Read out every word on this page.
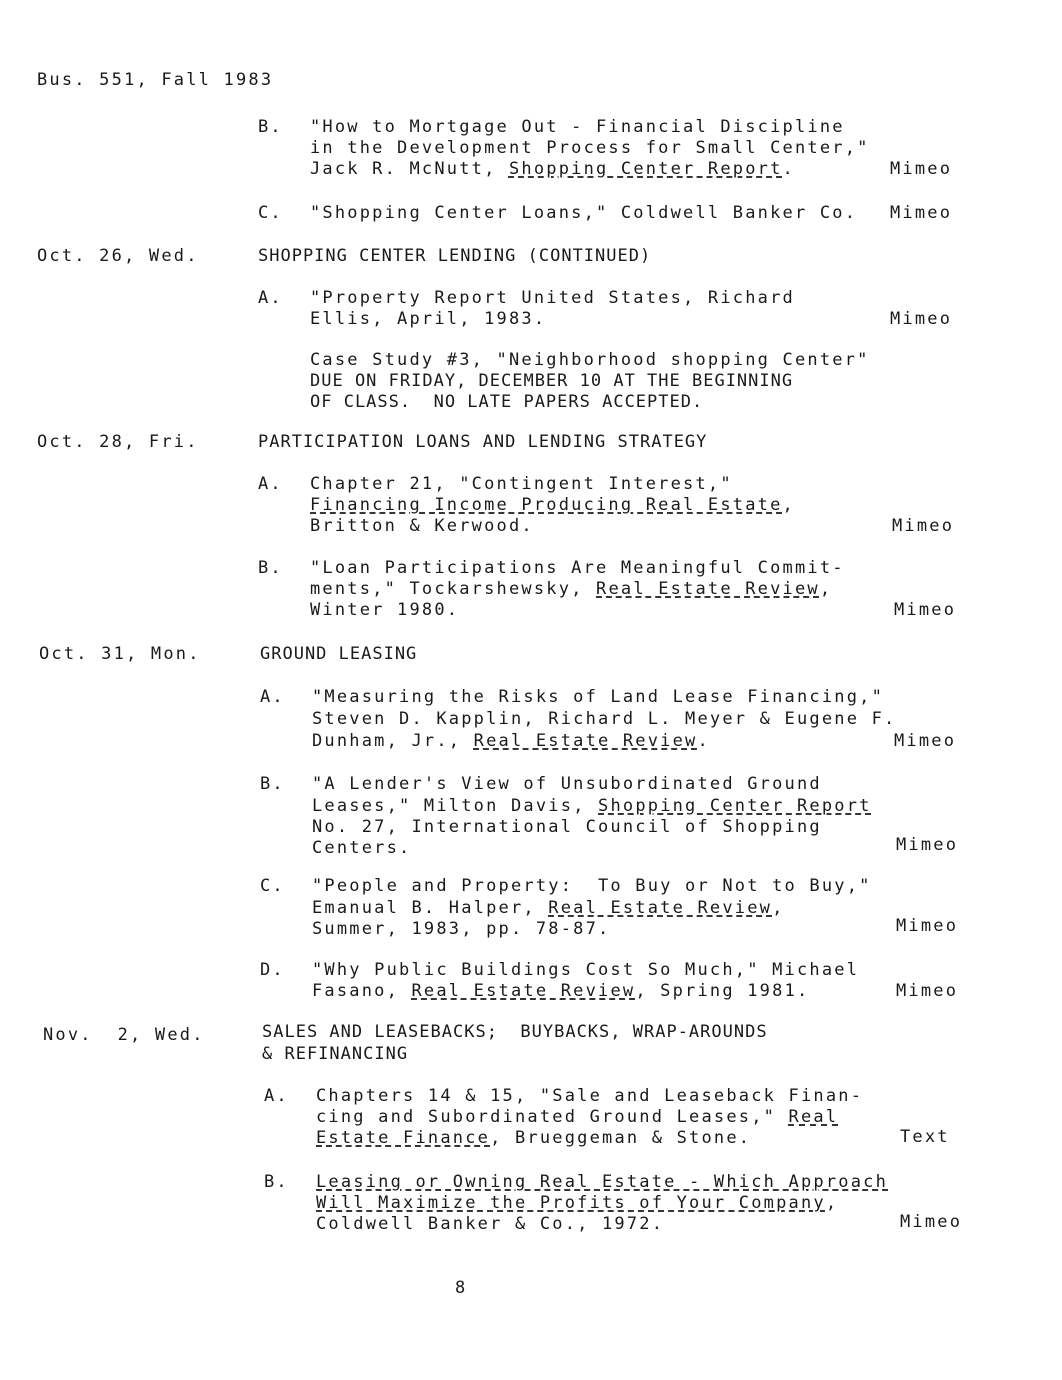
Bus. 551, Fall 1983
B. "How to Mortgage Out - Financial Discipline
in the Development Process for Small Center,"
Jack R. McNutt, Shopping Center Report.	Mimeo
C. "Shopping Center Loans," Coldwell Banker Co. Mimeo
Oct. 26, Wed.	SHOPPING CENTER LENDING (CONTINUED)
A. "Property Report United States, Richard
Ellis, April, 1983.	Mimeo
Case Study #3, "Neighborhood shopping Center"
DUE ON FRIDAY, DECEMBER 10 AT THE BEGINNING
OF CLASS.  NO LATE PAPERS ACCEPTED.
Oct. 28, Fri.	PARTICIPATION LOANS AND LENDING STRATEGY
A. Chapter 21, "Contingent Interest,"
Financing Income Producing Real Estate,
Britton & Kerwood.	Mimeo
B. "Loan Participations Are Meaningful Commit-
ments," Tockarshewsky, Real Estate Review,
Winter 1980.	Mimeo
Oct. 31, Mon.	GROUND LEASING
A. "Measuring the Risks of Land Lease Financing,"
Steven D. Kapplin, Richard L. Meyer & Eugene F.
Dunham, Jr., Real Estate Review.	Mimeo
B. "A Lender's View of Unsubordinated Ground
Leases," Milton Davis, Shopping Center Report
No. 27, International Council of Shopping
Centers.	Mimeo
C. "People and Property:  To Buy or Not to Buy,"
Emanual B. Halper, Real Estate Review,
Summer, 1983, pp. 78-87.	Mimeo
D. "Why Public Buildings Cost So Much," Michael
Fasano, Real Estate Review, Spring 1981.	Mimeo
Nov.  2, Wed.	SALES AND LEASEBACKS;  BUYBACKS, WRAP-AROUNDS
& REFINANCING
A. Chapters 14 & 15, "Sale and Leaseback Finan-
cing and Subordinated Ground Leases," Real
Estate Finance, Brueggeman & Stone.	Text
B. Leasing or Owning Real Estate - Which Approach
Will Maximize the Profits of Your Company,
Coldwell Banker & Co., 1972.	Mimeo
8
